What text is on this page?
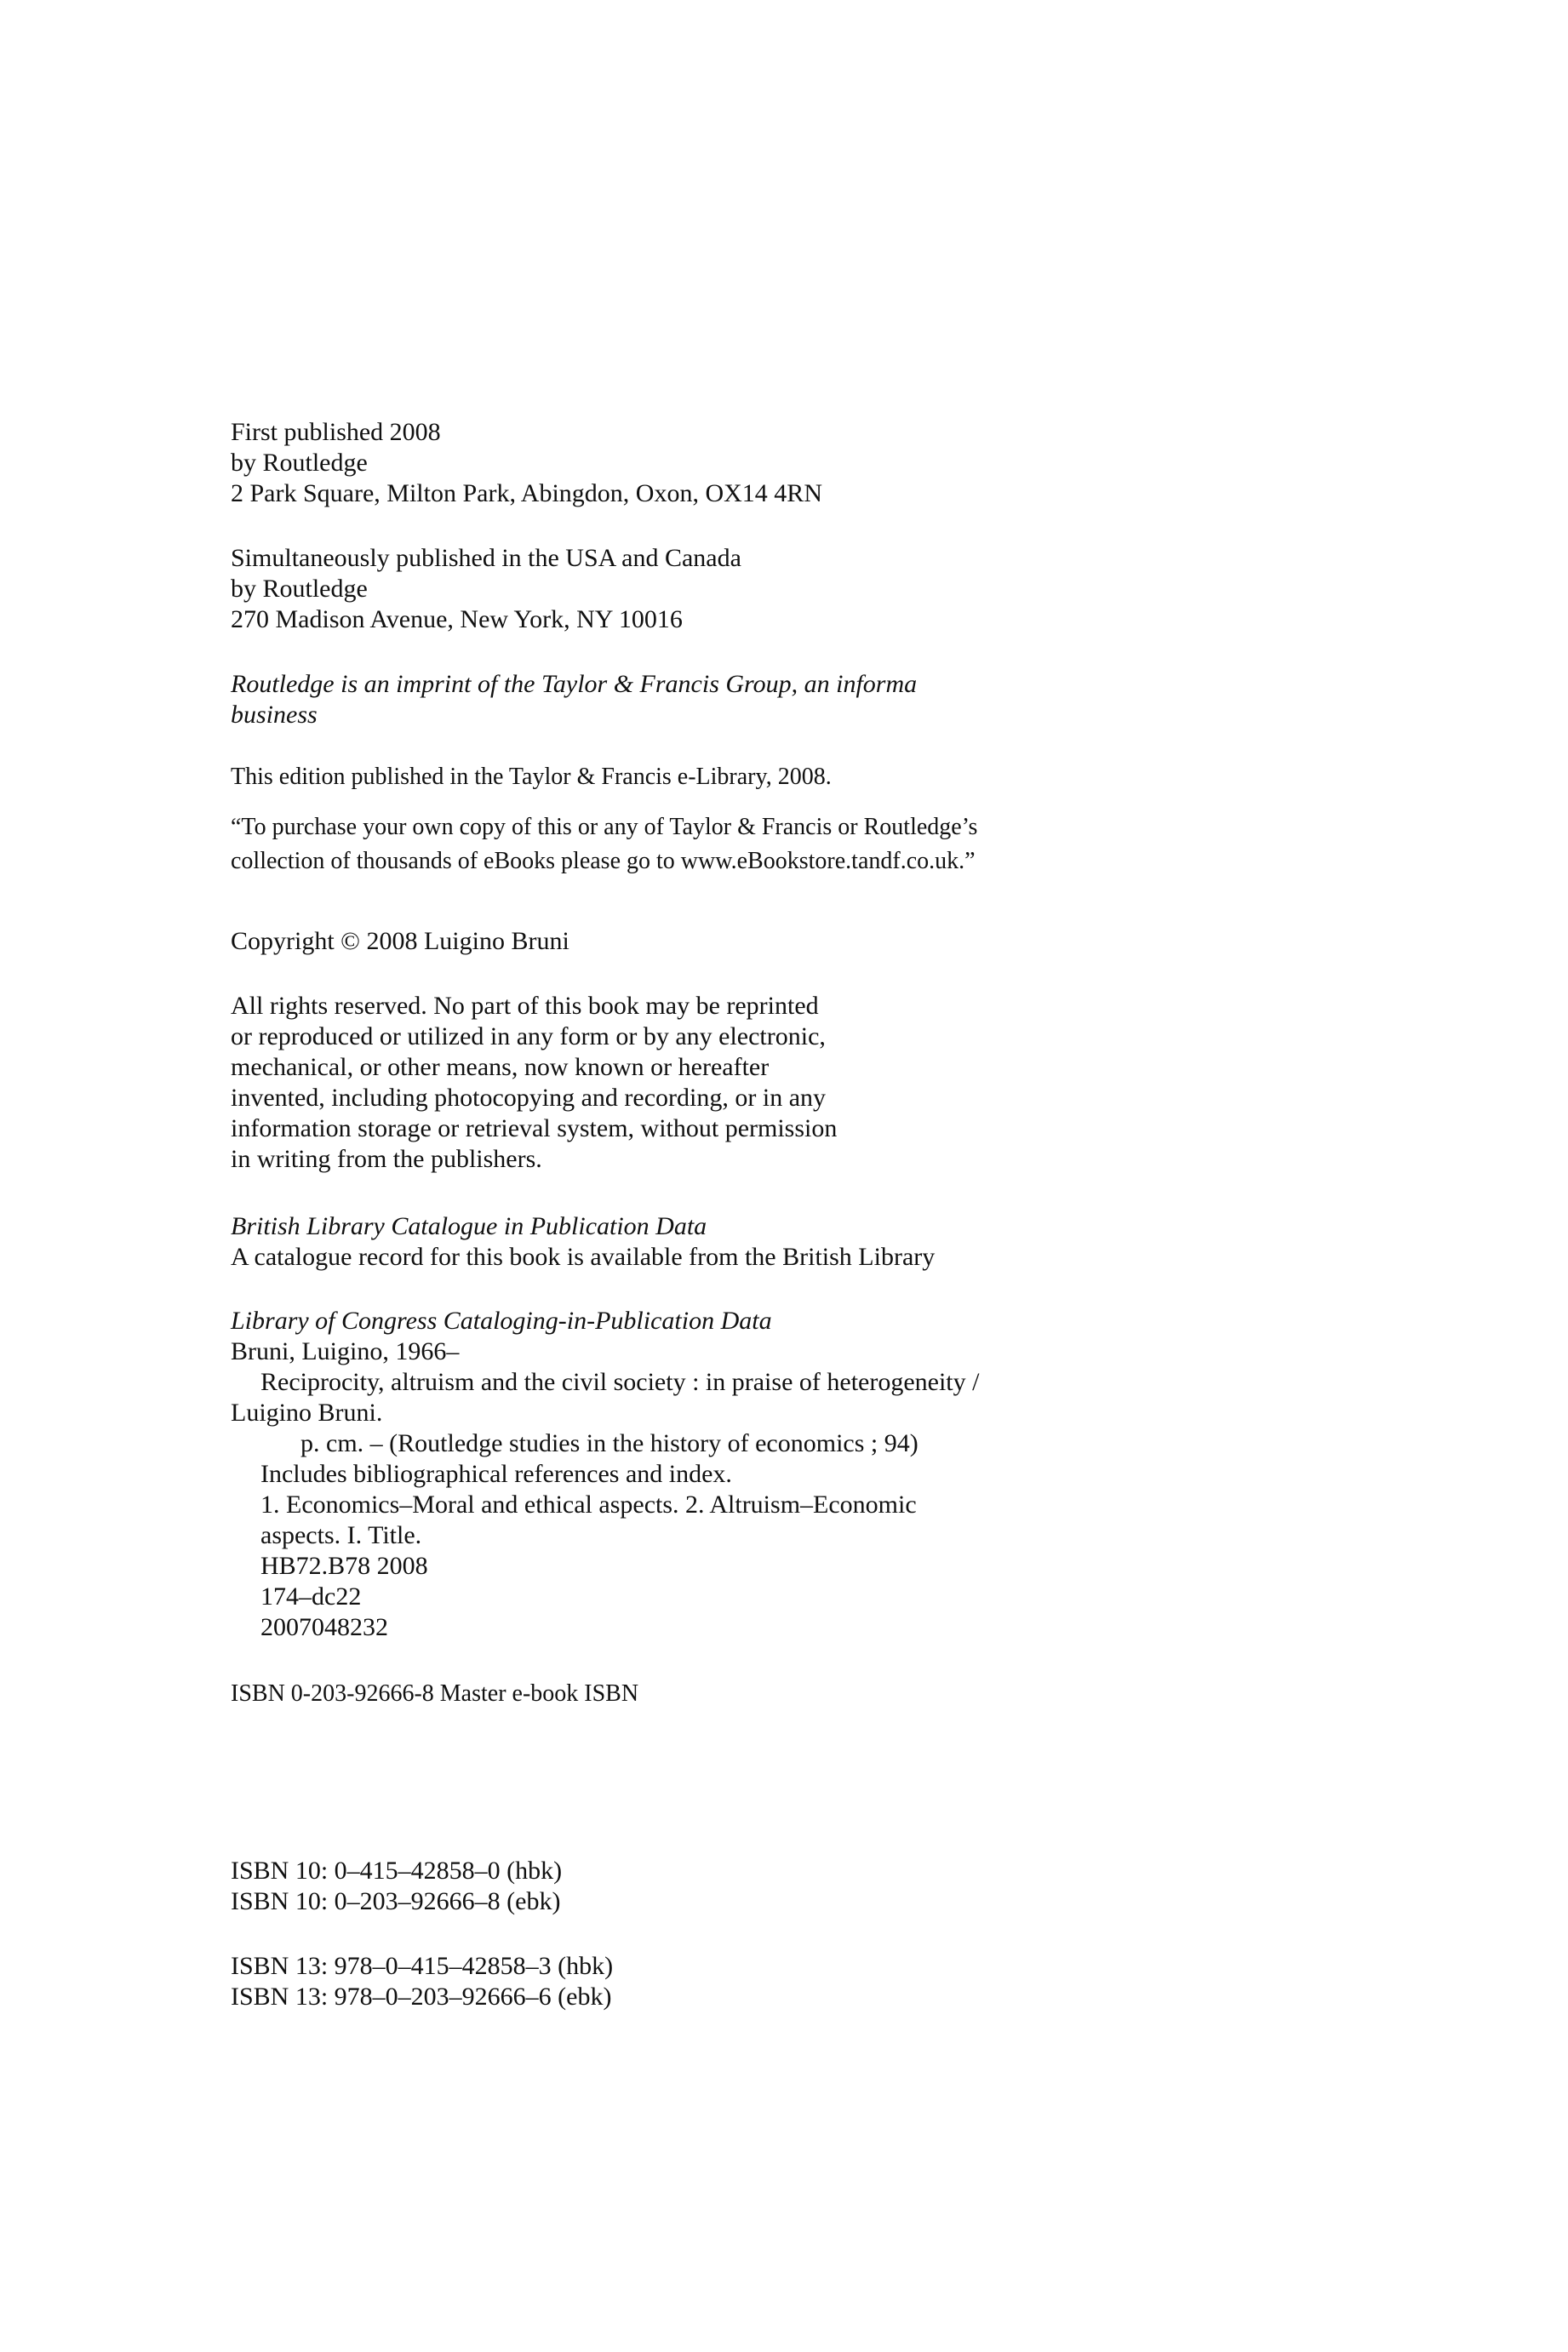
First published 2008
by Routledge
2 Park Square, Milton Park, Abingdon, Oxon, OX14 4RN
Simultaneously published in the USA and Canada
by Routledge
270 Madison Avenue, New York, NY 10016
Routledge is an imprint of the Taylor & Francis Group, an informa
business
This edition published in the Taylor & Francis e-Library, 2008.
“To purchase your own copy of this or any of Taylor & Francis or Routledge’s
collection of thousands of eBooks please go to www.eBookstore.tandf.co.uk.”
Copyright © 2008 Luigino Bruni
All rights reserved. No part of this book may be reprinted
or reproduced or utilized in any form or by any electronic,
mechanical, or other means, now known or hereafter
invented, including photocopying and recording, or in any
information storage or retrieval system, without permission
in writing from the publishers.
British Library Catalogue in Publication Data
A catalogue record for this book is available from the British Library
Library of Congress Cataloging-in-Publication Data
Bruni, Luigino, 1966–
Reciprocity, altruism and the civil society : in praise of heterogeneity /
Luigino Bruni.
p. cm. – (Routledge studies in the history of economics ; 94)
Includes bibliographical references and index.
1. Economics–Moral and ethical aspects. 2. Altruism–Economic
aspects. I. Title.
HB72.B78 2008
174–dc22
2007048232
ISBN 0-203-92666-8 Master e-book ISBN
ISBN 10: 0–415–42858–0 (hbk)
ISBN 10: 0–203–92666–8 (ebk)
ISBN 13: 978–0–415–42858–3 (hbk)
ISBN 13: 978–0–203–92666–6 (ebk)
